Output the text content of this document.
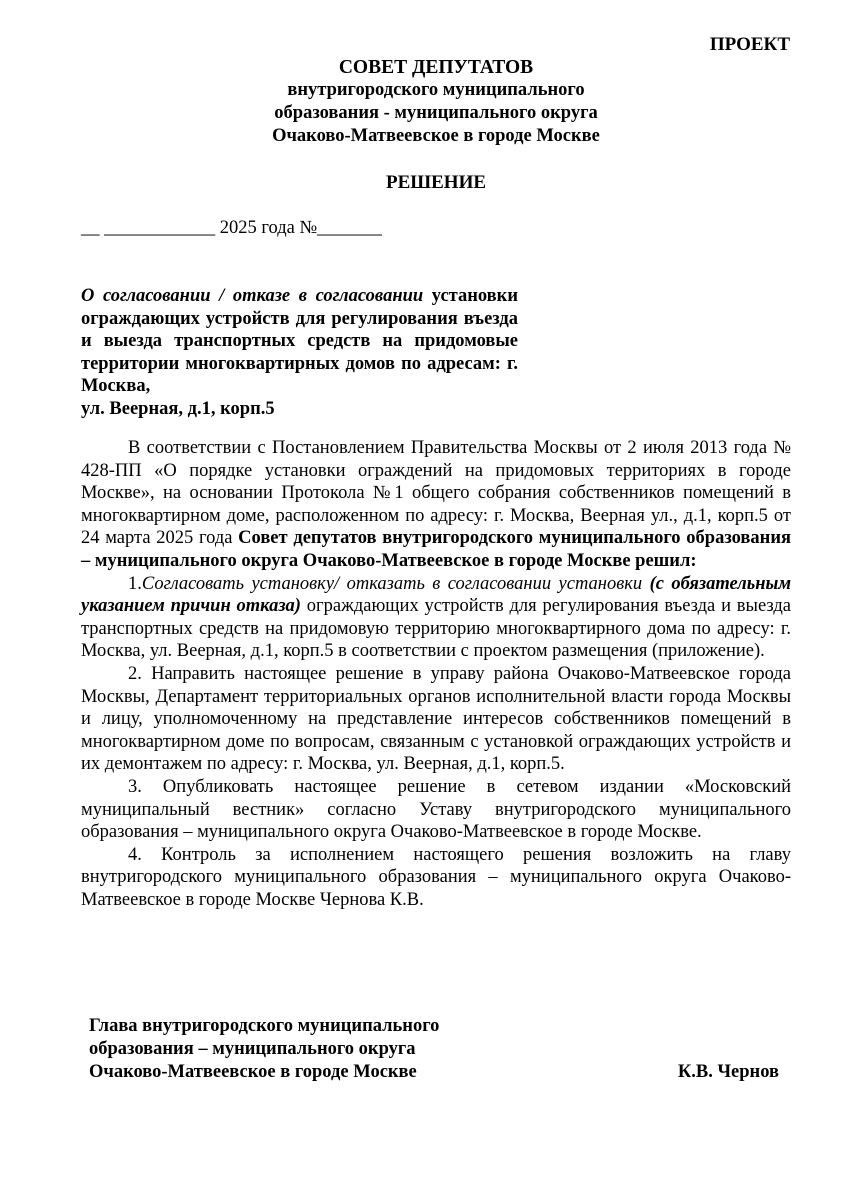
ПРОЕКТ

СОВЕТ ДЕПУТАТОВ
внутригородского муниципального
образования - муниципального округа
Очаково-Матвеевское в городе Москве

РЕШЕНИЕ

__ ____________ 2025 года №_______

О согласовании / отказе в согласовании установки ограждающих устройств для регулирования въезда и выезда транспортных средств на придомовые территории многоквартирных домов по адресам: г. Москва,
ул. Веерная, д.1, корп.5

В соответствии с Постановлением Правительства Москвы от 2 июля 2013 года № 428-ПП «О порядке установки ограждений на придомовых территориях в городе Москве», на основании Протокола №1 общего собрания собственников помещений в многоквартирном доме, расположенном по адресу: г. Москва, Веерная ул., д.1, корп.5 от 24 марта 2025 года Совет депутатов внутригородского муниципального образования – муниципального округа Очаково-Матвеевское в городе Москве решил:

1.Согласовать установку/ отказать в согласовании установки (с обязательным указанием причин отказа) ограждающих устройств для регулирования въезда и выезда транспортных средств на придомовую территорию многоквартирного дома по адресу: г. Москва, ул. Веерная, д.1, корп.5 в соответствии с проектом размещения (приложение).

2. Направить настоящее решение в управу района Очаково-Матвеевское города Москвы, Департамент территориальных органов исполнительной власти города Москвы и лицу, уполномоченному на представление интересов собственников помещений в многоквартирном доме по вопросам, связанным с установкой ограждающих устройств и их демонтажем по адресу: г. Москва, ул. Веерная, д.1, корп.5.

3. Опубликовать настоящее решение в сетевом издании «Московский муниципальный вестник» согласно Уставу внутригородского муниципального образования – муниципального округа Очаково-Матвеевское в городе Москве.

4. Контроль за исполнением настоящего решения возложить на главу внутригородского муниципального образования – муниципального округа Очаково-Матвеевское в городе Москве Чернова К.В.

Глава внутригородского муниципального
образования – муниципального округа
Очаково-Матвеевское в городе Москве	К.В. Чернов
